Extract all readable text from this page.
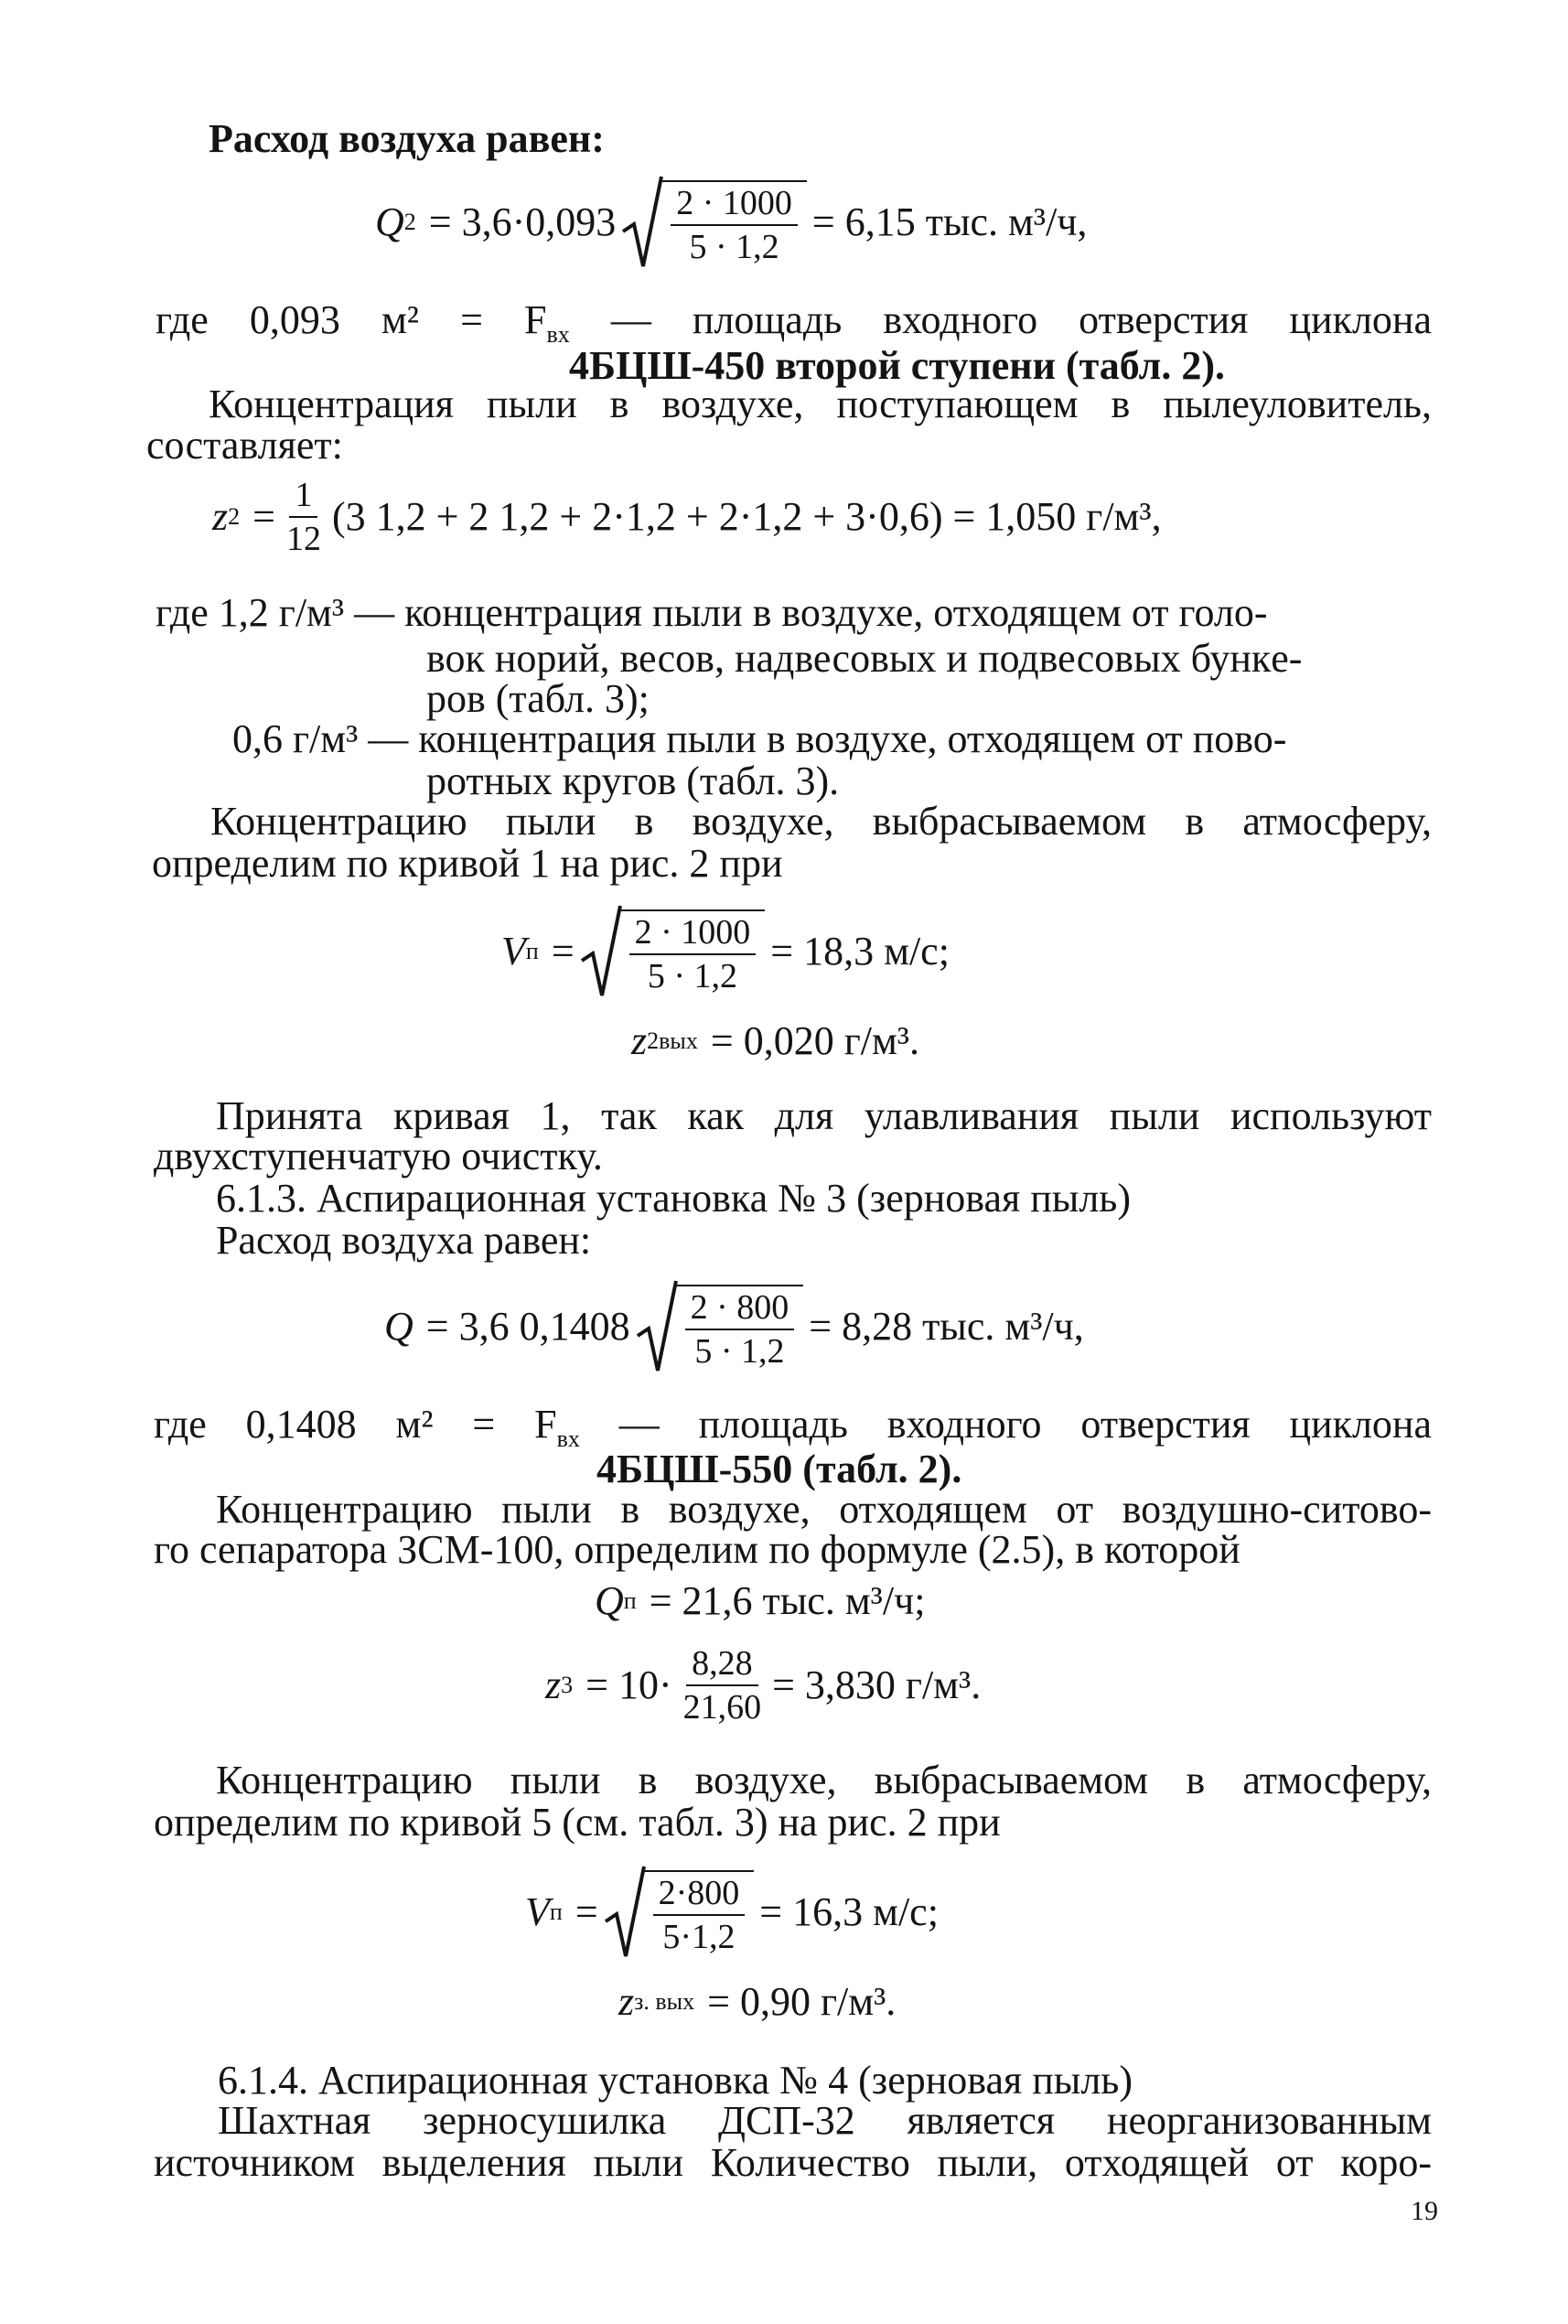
Расход воздуха равен:
Q $2 = 3,6\cdot 0,093 \frac{2 \cdot 1000}{5 \cdot 1,2} = 6,15$ тыс. м³/ч,
где 0,093 $м^2 = F_{вх}$ — площадь входного отверстия циклона
4БЦШ-450 второй ступени (табл. 2).
Концентрация пыли в воздухе, поступающем в пылеуловитель,
составляет:
z $2 = \frac{1}{12} (3$ 1,2 + 2 1,2 + 2·1,2 + 2·1,2 + 3·0,6) = 1,050 г/м³,
где 1,2 г/м³ — концентрация пыли в воздухе, отходящем от голо-
вок норий, весов, надвесовых и подвесовых бункe-
ров (табл. 3);
0,6 г/м³ — концентрация пыли в воздухе, отходящем от пово-
ротных кругов (табл. 3).
Концентрацию пыли в воздухе, выбрасываемом в атмосферу,
определим по кривой 1 на рис. 2 при
V $п = \frac{2 \cdot 1000}{5 \cdot 1,2} = 18,3$ м/с;
z 2вых = 0,020 г/м³.
Принята кривая 1, так как для улавливания пыли используют
двухступенчатую очистку.
6.1.3. Аспирационная установка № 3 (зерновая пыль)
Расход воздуха равен:
Q = 3,6 $0,1408 \frac{2 \cdot 800}{5 \cdot 1,2} = 8,28$ тыс. м³/ч,
где 0,1408 $м^2 = F_{вх}$ — площадь входного отверстия циклона
4БЦШ-550 (табл. 2).
Концентрацию пыли в воздухе, отходящем от воздушно-ситово-
го сепаратора ЗСМ-100, определим по формуле (2.5), в которой
Q п = 21,6 тыс. м³/ч;
z $3 = 10\cdot \frac{8,28}{21,60} = 3,830$ г/м³.
Концентрацию пыли в воздухе, выбрасываемом в атмосферу,
определим по кривой 5 (см. табл. 3) на рис. 2 при
V $п = \frac{2\cdot 800}{5\cdot 1,2} = 16,3$ м/с;
z з. вых = 0,90 г/м³.
6.1.4. Аспирационная установка № 4 (зерновая пыль)
Шахтная зерносушилка ДСП-32 является неорганизованным
источником выделения пыли Количество пыли, отходящей от коро-
19
